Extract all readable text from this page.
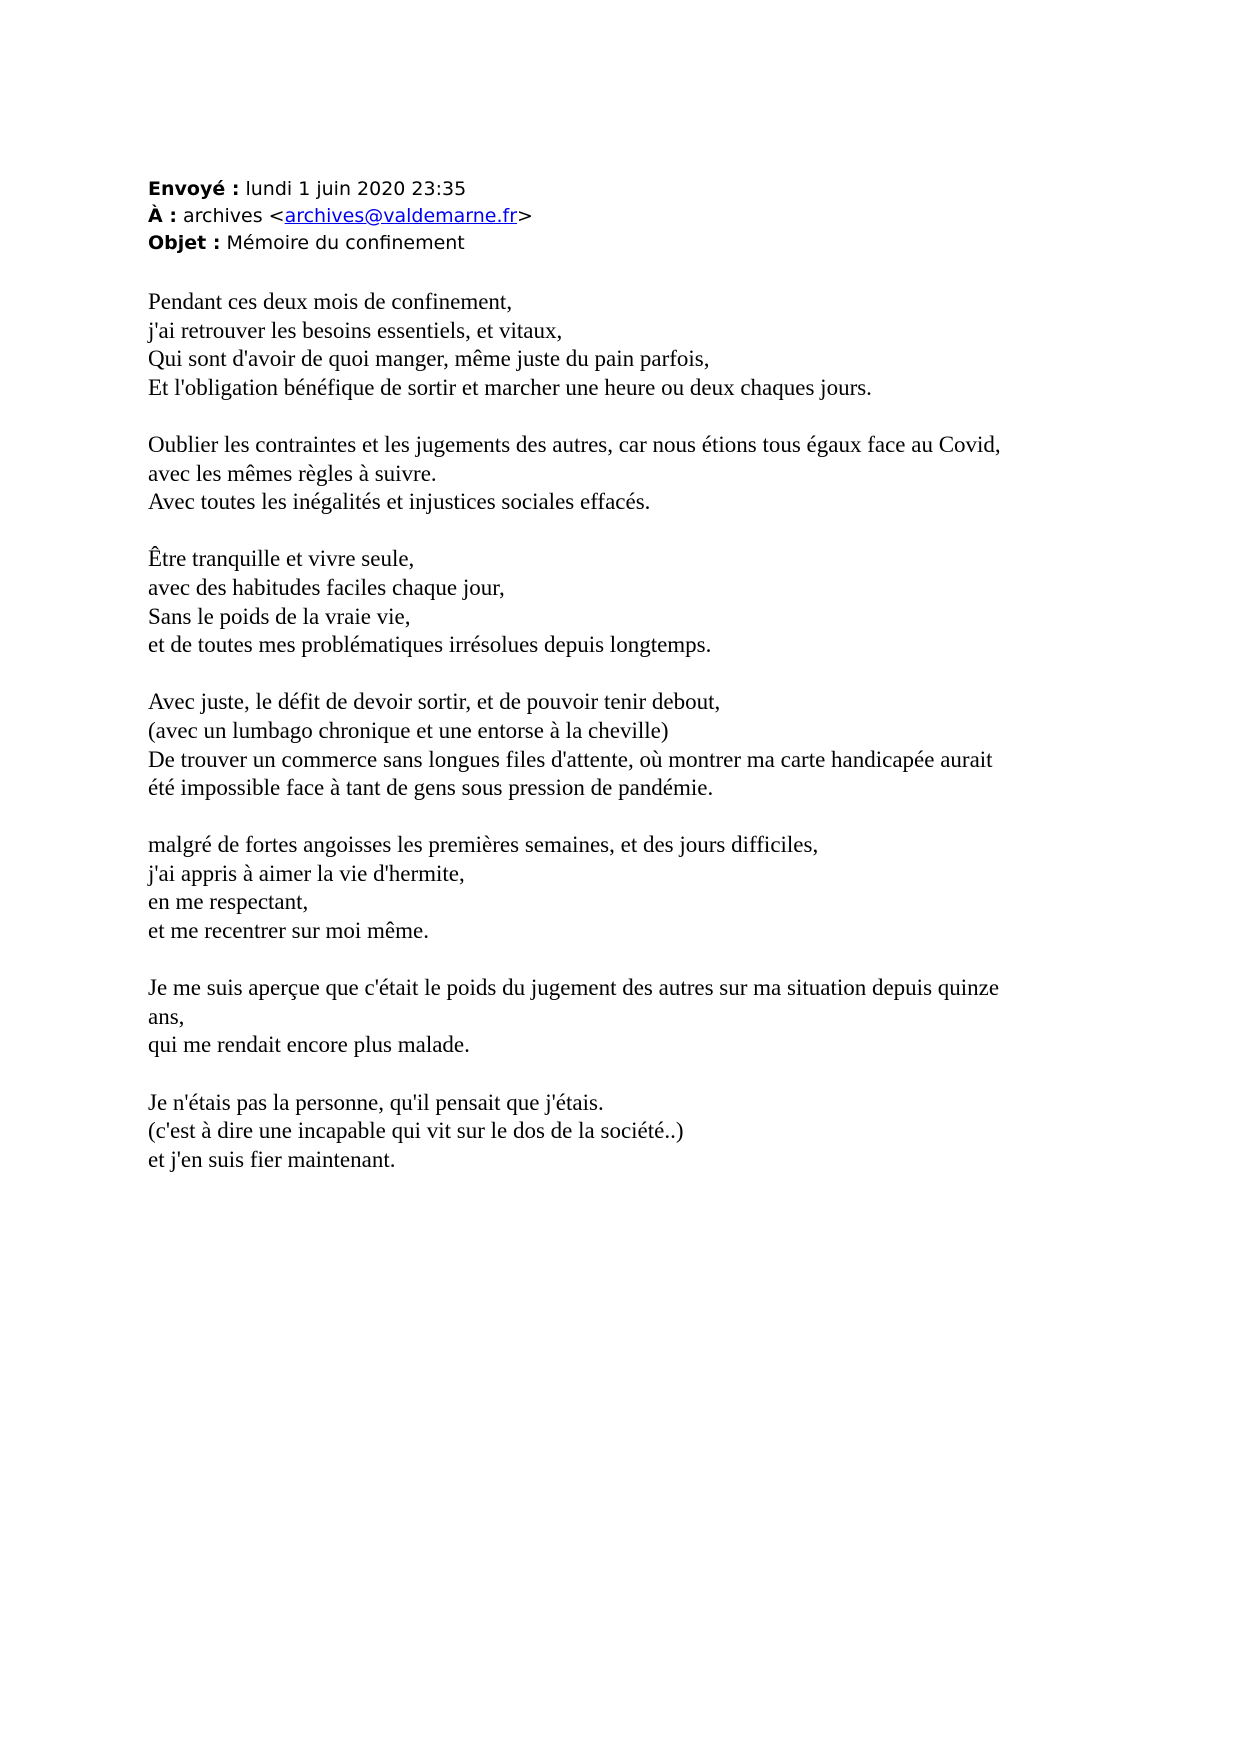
Envoyé : lundi 1 juin 2020 23:35
À : archives <archives@valdemarne.fr>
Objet : Mémoire du confinement
Pendant ces deux mois de confinement,
j'ai retrouver les besoins essentiels, et vitaux,
Qui sont d'avoir de quoi manger, même juste du pain parfois,
Et l'obligation bénéfique de sortir et marcher une heure ou deux chaques jours.
Oublier les contraintes et les jugements des autres, car nous étions tous égaux face au Covid,
avec les mêmes règles à suivre.
Avec toutes les inégalités et injustices sociales effacés.
Être tranquille et vivre seule,
avec des habitudes faciles chaque jour,
Sans le poids de la vraie vie,
et de toutes mes problématiques irrésolues depuis longtemps.
Avec juste, le défit de devoir sortir, et de pouvoir tenir debout,
(avec un lumbago chronique et une entorse à la cheville)
De trouver un commerce sans longues files d'attente, où montrer ma carte handicapée aurait
été impossible face à tant de gens sous pression de pandémie.
malgré de fortes angoisses les premières semaines, et des jours difficiles,
j'ai appris à aimer la vie d'hermite,
en me respectant,
et me recentrer sur moi même.
Je me suis aperçue que c'était le poids du jugement des autres sur ma situation depuis quinze
ans,
qui me rendait encore plus malade.
Je n'étais pas la personne, qu'il pensait que j'étais.
(c'est à dire une incapable qui vit sur le dos de la société..)
et j'en suis fier maintenant.
